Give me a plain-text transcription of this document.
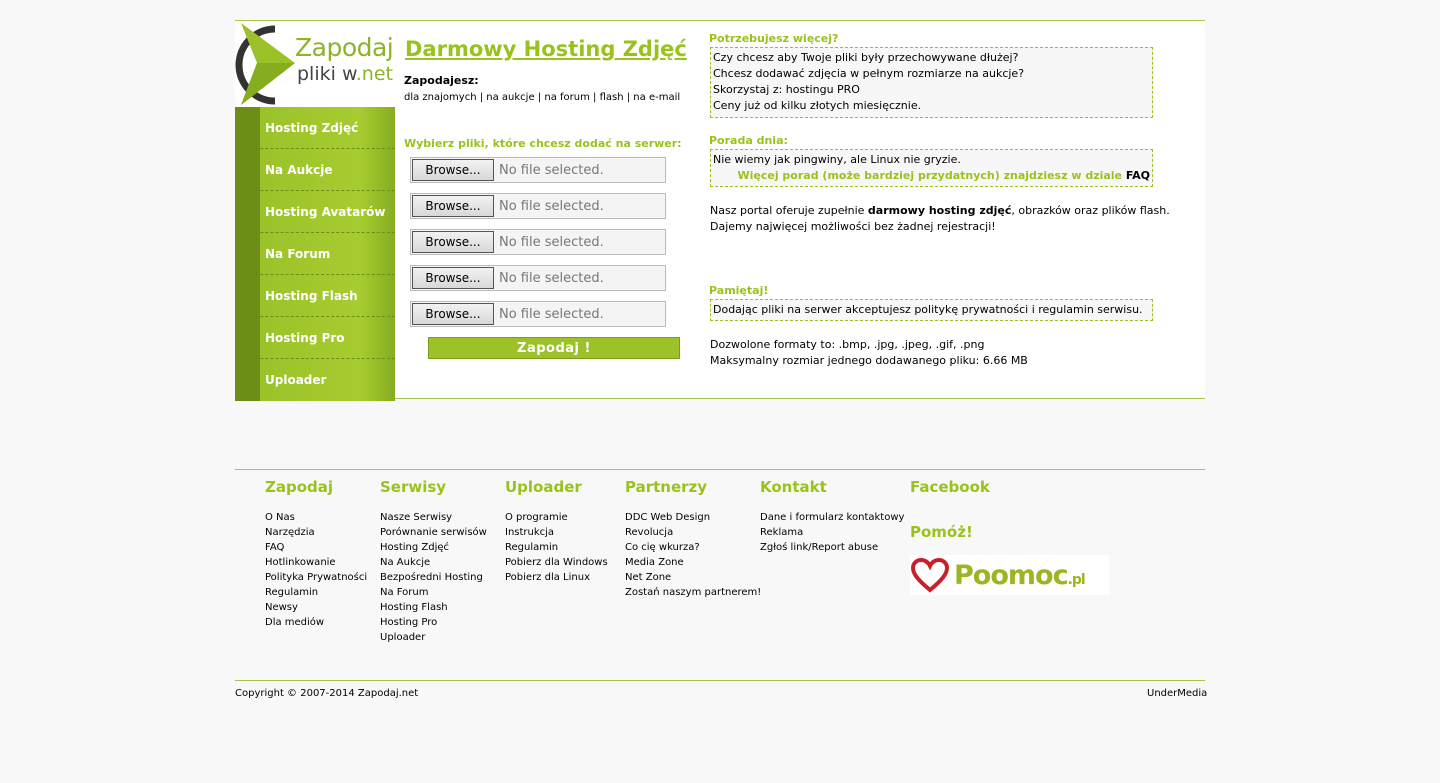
Zapodaj
pliki w.net
Hosting Zdjęć
Na Aukcje
Hosting Avatarów
Na Forum
Hosting Flash
Hosting Pro
Uploader
Darmowy Hosting Zdjęć
Zapodajesz:
dla znajomych | na aukcje | na forum | flash | na e-mail
Wybierz pliki, które chcesz dodać na serwer:
Browse...	No file selected.
Browse...	No file selected.
Browse...	No file selected.
Browse...	No file selected.
Browse...	No file selected.
Zapodaj !
Potrzebujesz więcej?
Czy chcesz aby Twoje pliki były przechowywane dłużej?
Chcesz dodawać zdjęcia w pełnym rozmiarze na aukcje?
Skorzystaj z: hostingu PRO
Ceny już od kilku złotych miesięcznie.
Porada dnia:
Nie wiemy jak pingwiny, ale Linux nie gryzie.
Więcej porad (może bardziej przydatnych) znajdziesz w dziale FAQ
Nasz portal oferuje zupełnie darmowy hosting zdjęć, obrazków oraz plików flash.
Dajemy najwięcej możliwości bez żadnej rejestracji!
Pamiętaj!
Dodając pliki na serwer akceptujesz politykę prywatności i regulamin serwisu.
Dozwolone formaty to: .bmp, .jpg, .jpeg, .gif, .png
Maksymalny rozmiar jednego dodawanego pliku: 6.66 MB
Zapodaj
O Nas
Narzędzia
FAQ
Hotlinkowanie
Polityka Prywatności
Regulamin
Newsy
Dla mediów
Serwisy
Nasze Serwisy
Porównanie serwisów
Hosting Zdjęć
Na Aukcje
Bezpośredni Hosting
Na Forum
Hosting Flash
Hosting Pro
Uploader
Uploader
O programie
Instrukcja
Regulamin
Pobierz dla Windows
Pobierz dla Linux
Partnerzy
DDC Web Design
Revolucja
Co cię wkurza?
Media Zone
Net Zone
Zostań naszym partnerem!
Kontakt
Dane i formularz kontaktowy
Reklama
Zgłoś link/Report abuse
Facebook
Pomóż!
Poomoc.pl
Copyright © 2007-2014 Zapodaj.net	UnderMedia
